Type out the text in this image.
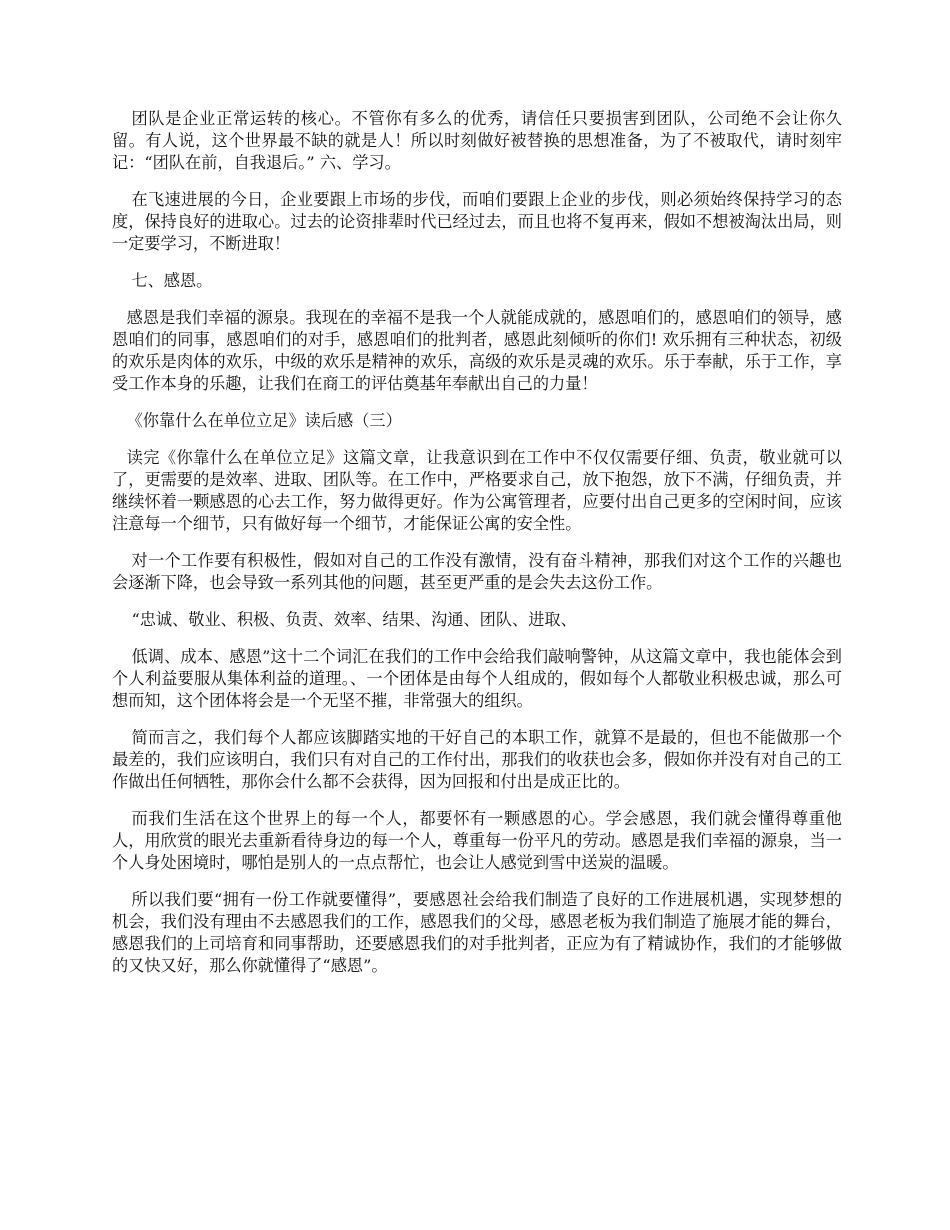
团队是企业正常运转的核心。不管你有多么的优秀，请信任只要损害到团队，公司绝不会让你久留。有人说，这个世界最不缺的就是人！所以时刻做好被替换的思想准备，为了不被取代，请时刻牢记：“团队在前，自我退后。” 六、学习。

在飞速进展的今日，企业要跟上市场的步伐，而咱们要跟上企业的步伐，则必须始终保持学习的态度，保持良好的进取心。过去的论资排辈时代已经过去，而且也将不复再来，假如不想被淘汰出局，则一定要学习，不断进取！

七、感恩。

感恩是我们幸福的源泉。我现在的幸福不是我一个人就能成就的，感恩咱们的，感恩咱们的领导，感恩咱们的同事，感恩咱们的对手，感恩咱们的批判者，感恩此刻倾听的你们! 欢乐拥有三种状态，初级的欢乐是肉体的欢乐，中级的欢乐是精神的欢乐，高级的欢乐是灵魂的欢乐。乐于奉献，乐于工作，享受工作本身的乐趣，让我们在商工的评估奠基年奉献出自己的力量！

《你靠什么在单位立足》读后感（三）

读完《你靠什么在单位立足》这篇文章，让我意识到在工作中不仅仅需要仔细、负责，敬业就可以了，更需要的是效率、进取、团队等。在工作中，严格要求自己，放下抱怨，放下不满，仔细负责，并继续怀着一颗感恩的心去工作，努力做得更好。作为公寓管理者，应要付出自己更多的空闲时间，应该注意每一个细节，只有做好每一个细节，才能保证公寓的安全性。

对一个工作要有积极性，假如对自己的工作没有激情，没有奋斗精神，那我们对这个工作的兴趣也会逐渐下降，也会导致一系列其他的问题，甚至更严重的是会失去这份工作。

“忠诚、敬业、积极、负责、效率、结果、沟通、团队、进取、

低调、成本、感恩”这十二个词汇在我们的工作中会给我们敲响警钟，从这篇文章中，我也能体会到个人利益要服从集体利益的道理。、一个团体是由每个人组成的，假如每个人都敬业积极忠诚，那么可想而知，这个团体将会是一个无坚不摧，非常强大的组织。

简而言之，我们每个人都应该脚踏实地的干好自己的本职工作，就算不是最的，但也不能做那一个最差的，我们应该明白，我们只有对自己的工作付出，那我们的收获也会多，假如你并没有对自己的工作做出任何牺牲，那你会什么都不会获得，因为回报和付出是成正比的。

而我们生活在这个世界上的每一个人，都要怀有一颗感恩的心。学会感恩，我们就会懂得尊重他人，用欣赏的眼光去重新看待身边的每一个人，尊重每一份平凡的劳动。感恩是我们幸福的源泉，当一个人身处困境时，哪怕是别人的一点点帮忙，也会让人感觉到雪中送炭的温暖。

所以我们要“拥有一份工作就要懂得”，要感恩社会给我们制造了良好的工作进展机遇，实现梦想的机会，我们没有理由不去感恩我们的工作，感恩我们的父母，感恩老板为我们制造了施展才能的舞台，感恩我们的上司培育和同事帮助，还要感恩我们的对手批判者，正应为有了精诚协作，我们的才能够做的又快又好，那么你就懂得了“感恩”。
